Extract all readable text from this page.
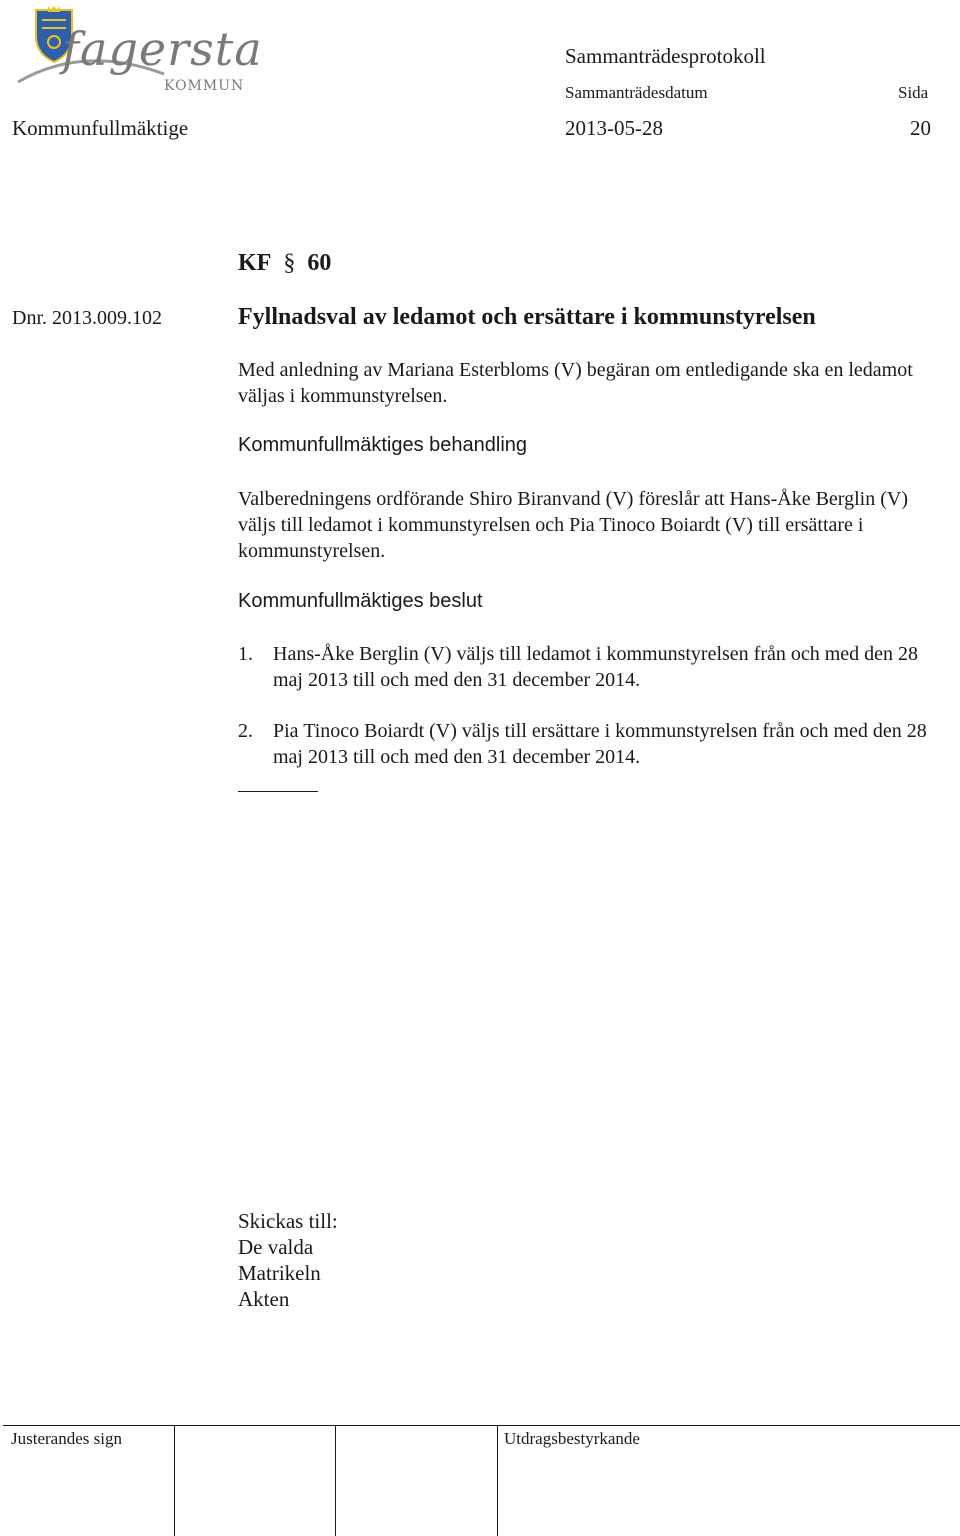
fagersta
KOMMUN
Sammanträdesprotokoll
Sammanträdesdatum	Sida
Kommunfullmäktige	2013-05-28	20
KF § 60
Dnr. 2013.009.102	Fyllnadsval av ledamot och ersättare i kommunstyrelsen
Med anledning av Mariana Esterbloms (V) begäran om entledigande ska en ledamot väljas i kommunstyrelsen.
Kommunfullmäktiges behandling
Valberedningens ordförande Shiro Biranvand (V) föreslår att Hans-Åke Berglin (V) väljs till ledamot i kommunstyrelsen och Pia Tinoco Boiardt (V) till ersättare i kommunstyrelsen.
Kommunfullmäktiges beslut
1. Hans-Åke Berglin (V) väljs till ledamot i kommunstyrelsen från och med den 28 maj 2013 till och med den 31 december 2014.
2. Pia Tinoco Boiardt (V) väljs till ersättare i kommunstyrelsen från och med den 28 maj 2013 till och med den 31 december 2014.
Skickas till:
De valda
Matrikeln
Akten
Justerandes sign	Utdragsbestyrkande
